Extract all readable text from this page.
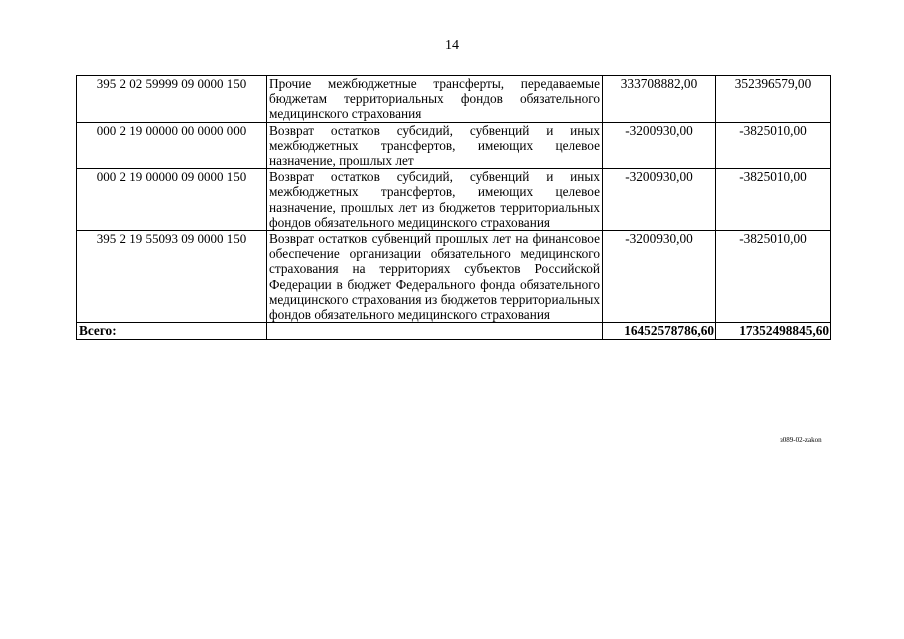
14
395 2 02 59999 09 0000 150	Прочие межбюджетные трансферты, передаваемые бюджетам территориальных фондов обязательного медицинского страхования	333708882,00	352396579,00
000 2 19 00000 00 0000 000	Возврат остатков субсидий, субвенций и иных межбюджетных трансфертов, имеющих целевое назначение, прошлых лет	-3200930,00	-3825010,00
000 2 19 00000 09 0000 150	Возврат остатков субсидий, субвенций и иных межбюджетных трансфертов, имеющих целевое назначение, прошлых лет из бюджетов территориальных фондов обязательного медицинского страхования	-3200930,00	-3825010,00
395 2 19 55093 09 0000 150	Возврат остатков субвенций прошлых лет на финансовое обеспечение организации обязательного медицинского страхования на территориях субъектов Российской Федерации в бюджет Федерального фонда обязательного медицинского страхования из бюджетов территориальных фондов обязательного медицинского страхования	-3200930,00	-3825010,00
Всего:		16452578786,60	17352498845,60
з089-02-zakon
